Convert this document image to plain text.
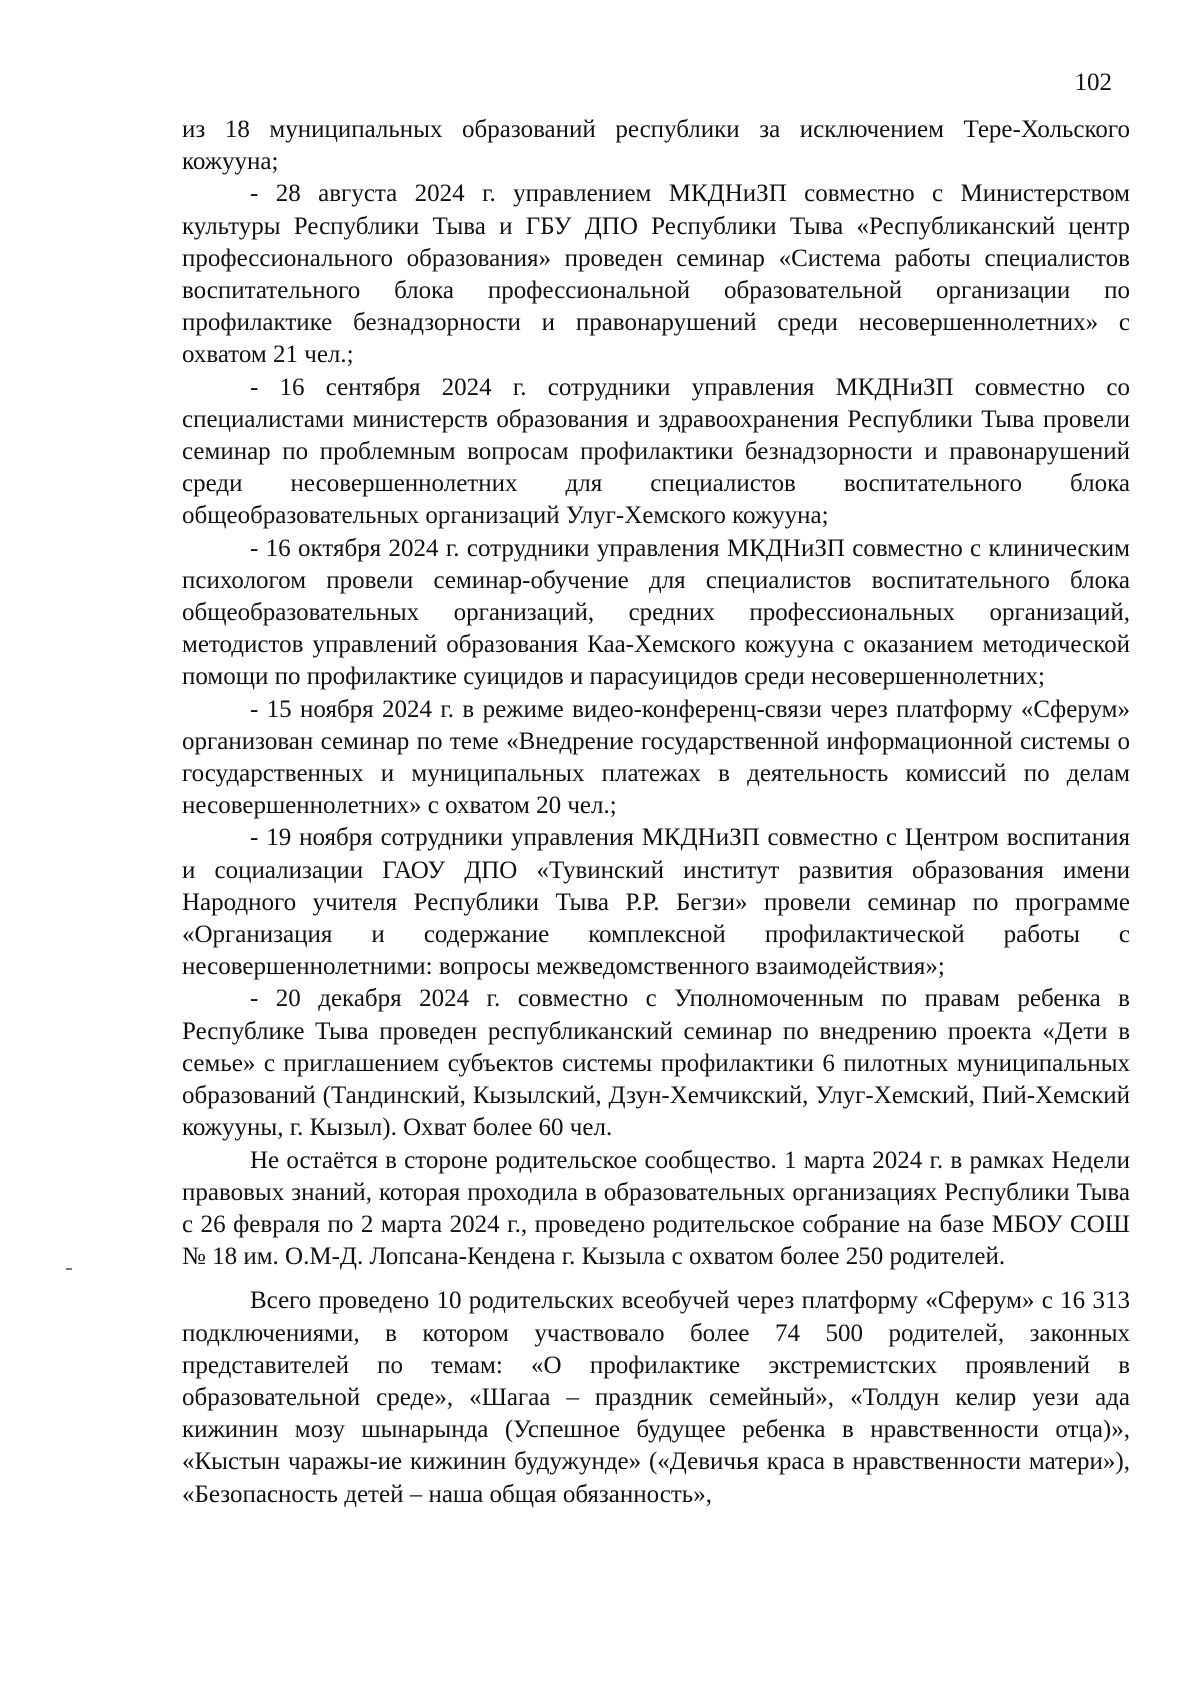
102

из 18 муниципальных образований республики за исключением Тере-Хольского кожууна;

- 28 августа 2024 г. управлением МКДНиЗП совместно с Министерством культуры Республики Тыва и ГБУ ДПО Республики Тыва «Республиканский центр профессионального образования» проведен семинар «Система работы специалистов воспитательного блока профессиональной образовательной организации по профилактике безнадзорности и правонарушений среди несовершеннолетних» с охватом 21 чел.;

- 16 сентября 2024 г. сотрудники управления МКДНиЗП совместно со специалистами министерств образования и здравоохранения Республики Тыва провели семинар по проблемным вопросам профилактики безнадзорности и правонарушений среди несовершеннолетних для специалистов воспитательного блока общеобразовательных организаций Улуг-Хемского кожууна;

- 16 октября 2024 г. сотрудники управления МКДНиЗП совместно с клиническим психологом провели семинар-обучение для специалистов воспитательного блока общеобразовательных организаций, средних профессиональных организаций, методистов управлений образования Каа-Хемского кожууна с оказанием методической помощи по профилактике суицидов и парасуицидов среди несовершеннолетних;

- 15 ноября 2024 г. в режиме видео-конференц-связи через платформу «Сферум» организован семинар по теме «Внедрение государственной информационной системы о государственных и муниципальных платежах в деятельность комиссий по делам несовершеннолетних» с охватом 20 чел.;

- 19 ноября сотрудники управления МКДНиЗП совместно с Центром воспитания и социализации ГАОУ ДПО «Тувинский институт развития образования имени Народного учителя Республики Тыва Р.Р. Бегзи» провели семинар по программе «Организация и содержание комплексной профилактической работы с несовершеннолетними: вопросы межведомственного взаимодействия»;

- 20 декабря 2024 г. совместно с Уполномоченным по правам ребенка в Республике Тыва проведен республиканский семинар по внедрению проекта «Дети в семье» с приглашением субъектов системы профилактики 6 пилотных муниципальных образований (Тандинский, Кызылский, Дзун-Хемчикский, Улуг-Хемский, Пий-Хемский кожууны, г. Кызыл). Охват более 60 чел.

Не остаётся в стороне родительское сообщество. 1 марта 2024 г. в рамках Недели правовых знаний, которая проходила в образовательных организациях Республики Тыва с 26 февраля по 2 марта 2024 г., проведено родительское собрание на базе МБОУ СОШ № 18 им. О.М-Д. Лопсана-Кендена г. Кызыла с охватом более 250 родителей.

Всего проведено 10 родительских всеобучей через платформу «Сферум» с 16 313 подключениями, в котором участвовало более 74 500 родителей, законных представителей по темам: «О профилактике экстремистских проявлений в образовательной среде», «Шагаа – праздник семейный», «Толдун келир уези ада кижинин мозу шынарында (Успешное будущее ребенка в нравственности отца)», «Кыстын чаражы-ие кижинин будужунде» («Девичья краса в нравственности матери»), «Безопасность детей – наша общая обязанность»,
